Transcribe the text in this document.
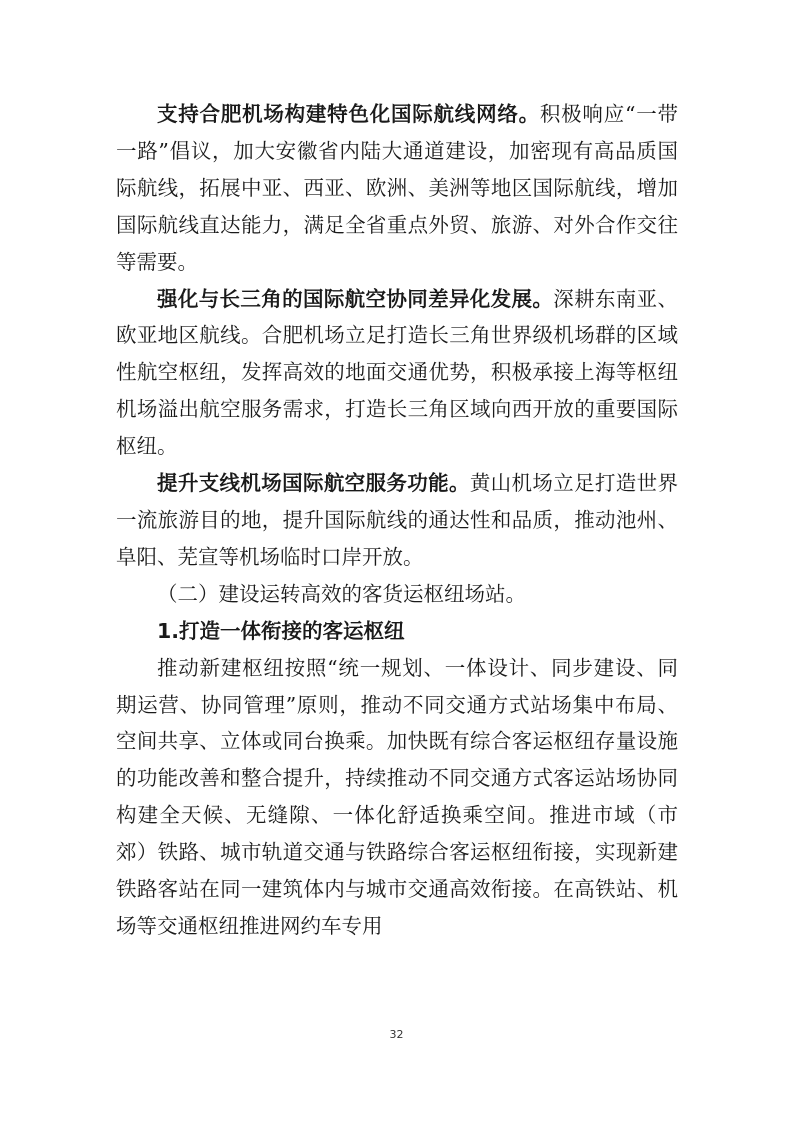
支持合肥机场构建特色化国际航线网络。积极响应“一带一路”倡议，加大安徽省内陆大通道建设，加密现有高品质国际航线，拓展中亚、西亚、欧洲、美洲等地区国际航线，增加国际航线直达能力，满足全省重点外贸、旅游、对外合作交往等需要。

强化与长三角的国际航空协同差异化发展。深耕东南亚、欧亚地区航线。合肥机场立足打造长三角世界级机场群的区域性航空枢纽，发挥高效的地面交通优势，积极承接上海等枢纽机场溢出航空服务需求，打造长三角区域向西开放的重要国际枢纽。

提升支线机场国际航空服务功能。黄山机场立足打造世界一流旅游目的地，提升国际航线的通达性和品质，推动池州、阜阳、芜宣等机场临时口岸开放。

（二）建设运转高效的客货运枢纽场站。

1.打造一体衔接的客运枢纽

推动新建枢纽按照“统一规划、一体设计、同步建设、同期运营、协同管理”原则，推动不同交通方式站场集中布局、空间共享、立体或同台换乘。加快既有综合客运枢纽存量设施的功能改善和整合提升，持续推动不同交通方式客运站场协同构建全天候、无缝隙、一体化舒适换乘空间。推进市域（市郊）铁路、城市轨道交通与铁路综合客运枢纽衔接，实现新建铁路客站在同一建筑体内与城市交通高效衔接。在高铁站、机场等交通枢纽推进网约车专用

32
